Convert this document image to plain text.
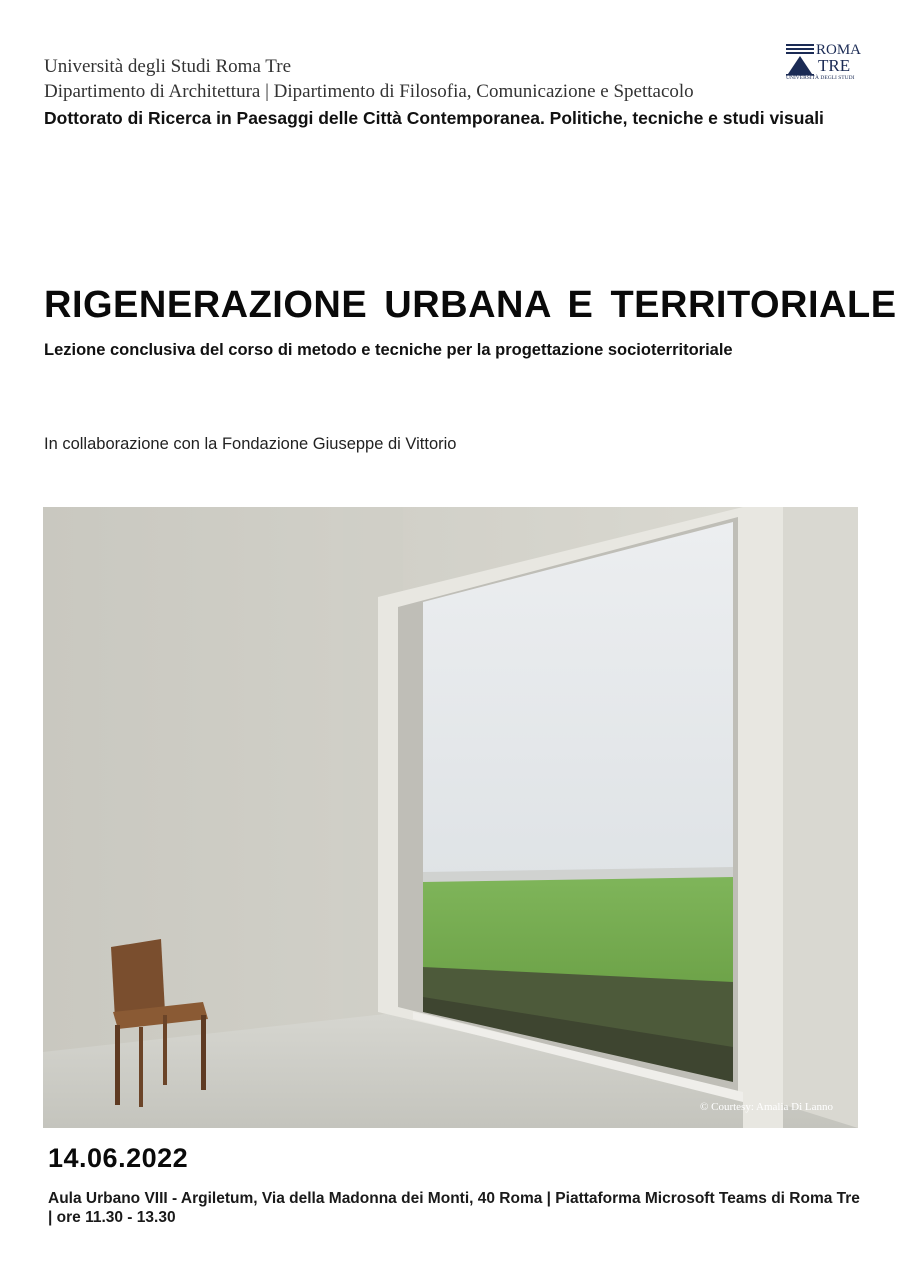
Università degli Studi Roma Tre
Dipartimento di Architettura | Dipartimento di Filosofia, Comunicazione e Spettacolo
Dottorato di Ricerca in Paesaggi delle Città Contemporanea. Politiche, tecniche e studi visuali
ROMA
TRE
UNIVERSITÀ DEGLI STUDI
RIGENERAZIONE URBANA E TERRITORIALE
Lezione conclusiva del corso di metodo e tecniche per la progettazione socioterritoriale
In collaborazione con la Fondazione Giuseppe di Vittorio
© Courtesy: Amalia Di Lanno
14.06.2022
Aula Urbano VIII - Argiletum, Via della Madonna dei Monti, 40 Roma | Piattaforma Microsoft Teams di Roma Tre | ore 11.30 - 13.30
